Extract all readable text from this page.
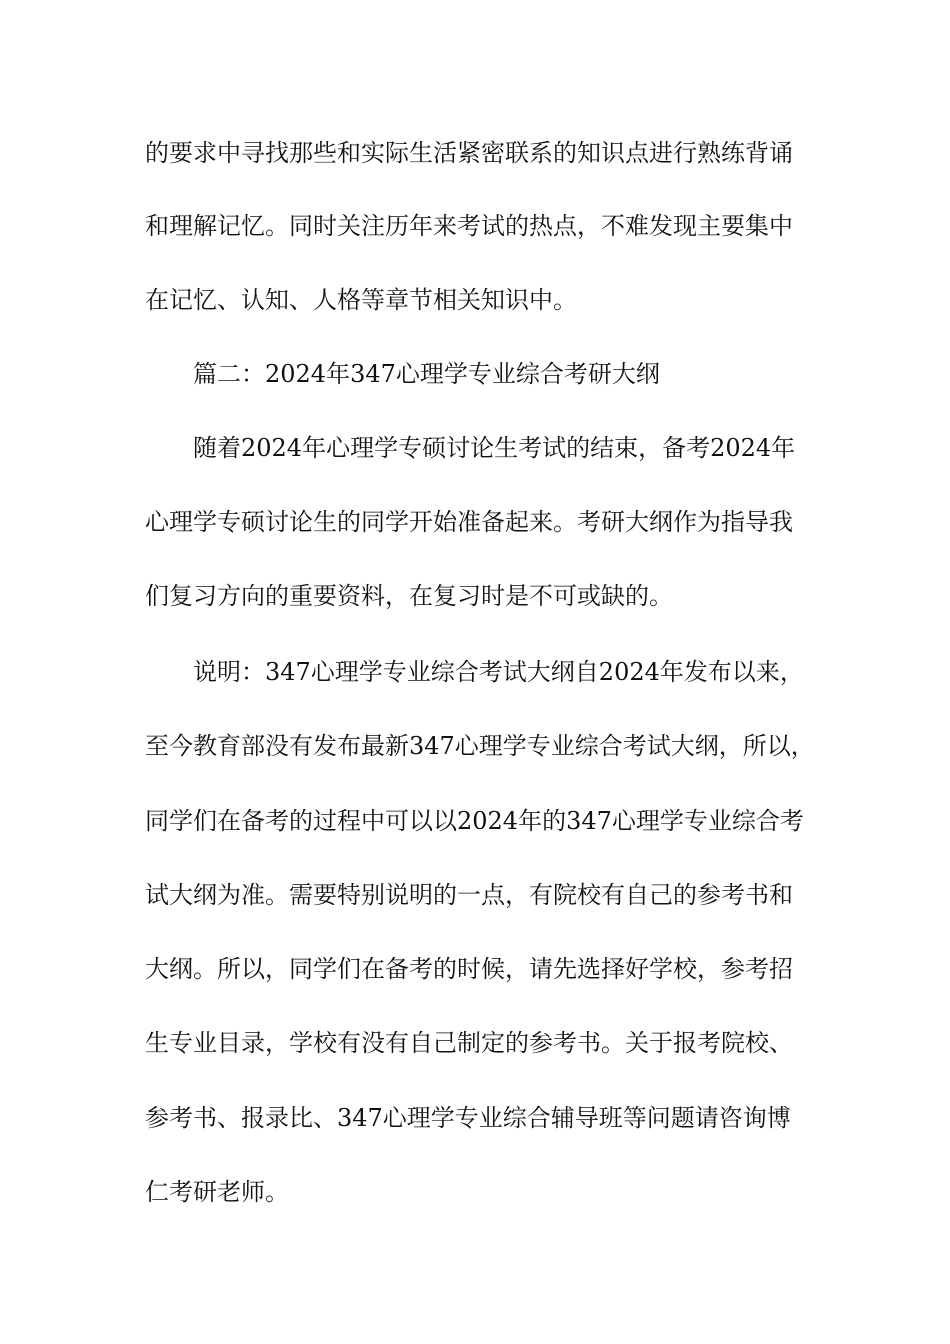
的要求中寻找那些和实际生活紧密联系的知识点进行熟练背诵
和理解记忆。同时关注历年来考试的热点，不难发现主要集中
在记忆、认知、人格等章节相关知识中。
篇二：2024年347心理学专业综合考研大纲
随着2024年心理学专硕讨论生考试的结束，备考2024年
心理学专硕讨论生的同学开始准备起来。考研大纲作为指导我
们复习方向的重要资料，在复习时是不可或缺的。
说明：347心理学专业综合考试大纲自2024年发布以来，
至今教育部没有发布最新347心理学专业综合考试大纲，所以，
同学们在备考的过程中可以以2024年的347心理学专业综合考
试大纲为准。需要特别说明的一点，有院校有自己的参考书和
大纲。所以，同学们在备考的时候，请先选择好学校，参考招
生专业目录，学校有没有自己制定的参考书。关于报考院校、
参考书、报录比、347心理学专业综合辅导班等问题请咨询博
仁考研老师。
